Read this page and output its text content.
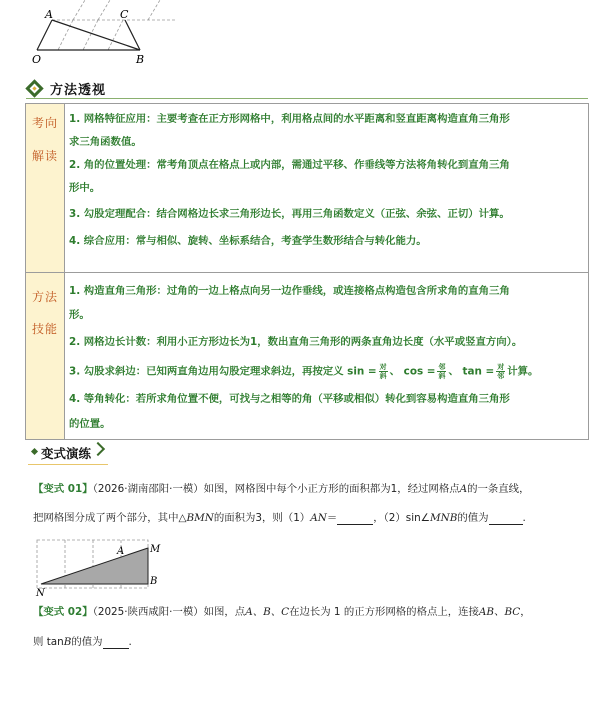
A	C
O	B
方法透视
考向
解读
1. 网格特征应用：主要考查在正方形网格中，利用格点间的水平距离和竖直距离构造直角三角形
求三角函数值。
2. 角的位置处理：常考角顶点在格点上或内部，需通过平移、作垂线等方法将角转化到直角三角
形中。
3. 勾股定理配合：结合网格边长求三角形边长，再用三角函数定义（正弦、余弦、正切）计算。
4. 综合应用：常与相似、旋转、坐标系结合，考查学生数形结合与转化能力。
方法
技能
1. 构造直角三角形：过角的一边上格点向另一边作垂线，或连接格点构造包含所求角的直角三角
形。
2. 网格边长计数：利用小正方形边长为1，数出直角三角形的两条直角边长度（水平或竖直方向）。
3. 勾股求斜边：已知两直角边用勾股定理求斜边，再按定义 $\sin = \frac{\text{对}}{\text{斜}}$ 、 $\cos = \frac{\text{邻}}{\text{斜}}$ 、 $\tan = \frac{\text{对}}{\text{邻}}$ 计算。
4. 等角转化：若所求角位置不便，可找与之相等的角（平移或相似）转化到容易构造直角三角形
的位置。
变式演练
【变式 01】（2026·湖南邵阳·一模）如图，网格图中每个小正方形的面积都为1，经过网格点A的一条直线，
把网格图分成了两个部分，其中△BMN的面积为3，则（1）AN＝	，（2）sin∠MNB的值为	.
M
A
N
B
【变式 02】（2025·陕西咸阳·一模）如图，点A、B、C在边长为 1 的正方形网格的格点上，连接AB、BC，
则 tanB的值为	.
